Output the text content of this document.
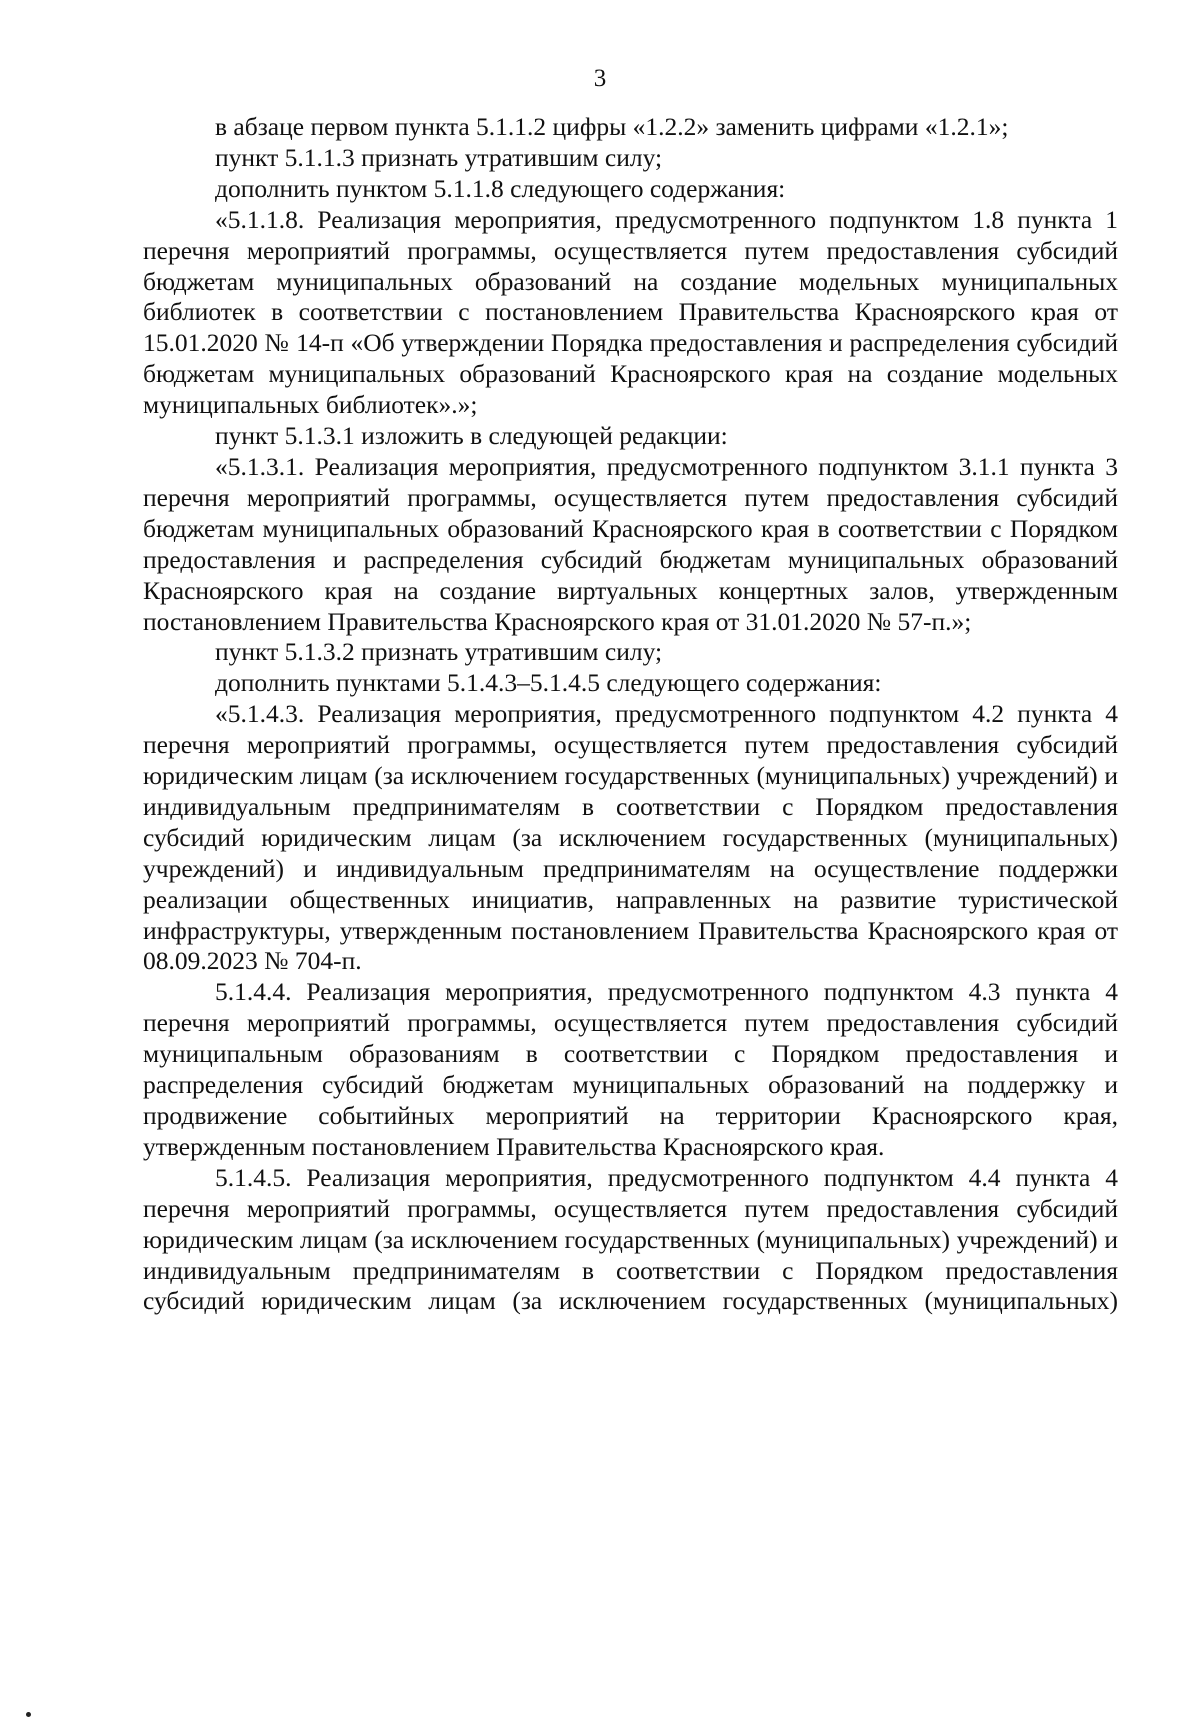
3

в абзаце первом пункта 5.1.1.2 цифры «1.2.2» заменить цифрами «1.2.1»;

пункт 5.1.1.3 признать утратившим силу;

дополнить пунктом 5.1.1.8 следующего содержания:

«5.1.1.8. Реализация мероприятия, предусмотренного подпунктом 1.8 пункта 1 перечня мероприятий программы, осуществляется путем предоставления субсидий бюджетам муниципальных образований на создание модельных муниципальных библиотек в соответствии с постановлением Правительства Красноярского края от 15.01.2020 № 14-п «Об утверждении Порядка предоставления и распределения субсидий бюджетам муниципальных образований Красноярского края на создание модельных муниципальных библиотек».»;

пункт 5.1.3.1 изложить в следующей редакции:

«5.1.3.1. Реализация мероприятия, предусмотренного подпунктом 3.1.1 пункта 3 перечня мероприятий программы, осуществляется путем предоставления субсидий бюджетам муниципальных образований Красноярского края в соответствии с Порядком предоставления и распределения субсидий бюджетам муниципальных образований Красноярского края на создание виртуальных концертных залов, утвержденным постановлением Правительства Красноярского края от 31.01.2020 № 57-п.»;

пункт 5.1.3.2 признать утратившим силу;

дополнить пунктами 5.1.4.3–5.1.4.5 следующего содержания:

«5.1.4.3. Реализация мероприятия, предусмотренного подпунктом 4.2 пункта 4 перечня мероприятий программы, осуществляется путем предоставления субсидий юридическим лицам (за исключением государственных (муниципальных) учреждений) и индивидуальным предпринимателям в соответствии с Порядком предоставления субсидий юридическим лицам (за исключением государственных (муниципальных) учреждений) и индивидуальным предпринимателям на осуществление поддержки реализации общественных инициатив, направленных на развитие туристической инфраструктуры, утвержденным постановлением Правительства Красноярского края от 08.09.2023 № 704-п.

5.1.4.4. Реализация мероприятия, предусмотренного подпунктом 4.3 пункта 4 перечня мероприятий программы, осуществляется путем предоставления субсидий муниципальным образованиям в соответствии с Порядком предоставления и распределения субсидий бюджетам муниципальных образований на поддержку и продвижение событийных мероприятий на территории Красноярского края, утвержденным постановлением Правительства Красноярского края.

5.1.4.5. Реализация мероприятия, предусмотренного подпунктом 4.4 пункта 4 перечня мероприятий программы, осуществляется путем предоставления субсидий юридическим лицам (за исключением государственных (муниципальных) учреждений) и индивидуальным предпринимателям в соответствии с Порядком предоставления субсидий юридическим лицам (за исключением государственных (муниципальных)
